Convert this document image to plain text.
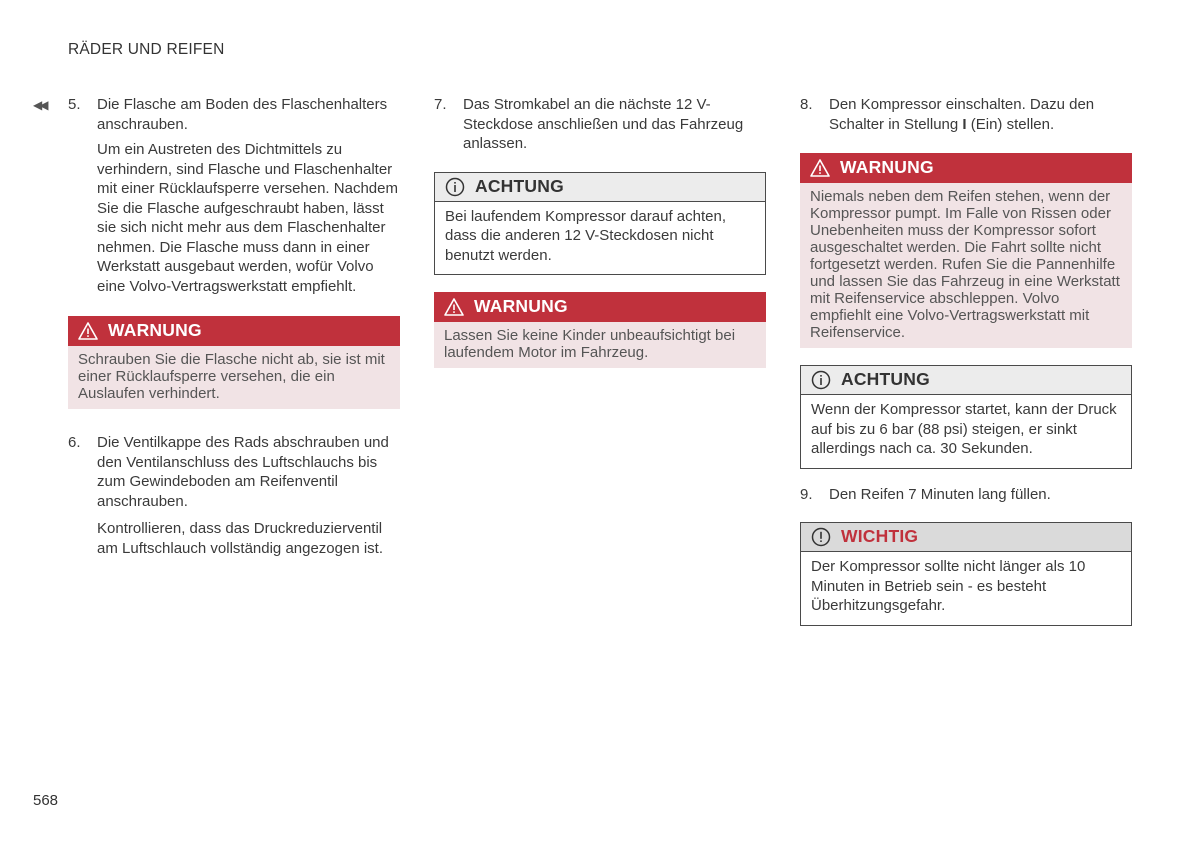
RÄDER UND REIFEN
◀◀ 5. Die Flasche am Boden des Flaschenhalters anschrauben.
Um ein Austreten des Dichtmittels zu verhindern, sind Flasche und Flaschenhalter mit einer Rücklaufsperre versehen. Nachdem Sie die Flasche aufgeschraubt haben, lässt sie sich nicht mehr aus dem Flaschenhalter nehmen. Die Flasche muss dann in einer Werkstatt ausgebaut werden, wofür Volvo eine Volvo-Vertragswerkstatt empfiehlt.
WARNUNG
Schrauben Sie die Flasche nicht ab, sie ist mit einer Rücklaufsperre versehen, die ein Auslaufen verhindert.
6. Die Ventilkappe des Rads abschrauben und den Ventilanschluss des Luftschlauchs bis zum Gewindeboden am Reifenventil anschrauben.
Kontrollieren, dass das Druckreduzierventil am Luftschlauch vollständig angezogen ist.
7. Das Stromkabel an die nächste 12 V-Steckdose anschließen und das Fahrzeug anlassen.
ACHTUNG
Bei laufendem Kompressor darauf achten, dass die anderen 12 V-Steckdosen nicht benutzt werden.
WARNUNG
Lassen Sie keine Kinder unbeaufsichtigt bei laufendem Motor im Fahrzeug.
8. Den Kompressor einschalten. Dazu den Schalter in Stellung I (Ein) stellen.
WARNUNG
Niemals neben dem Reifen stehen, wenn der Kompressor pumpt. Im Falle von Rissen oder Unebenheiten muss der Kompressor sofort ausgeschaltet werden. Die Fahrt sollte nicht fortgesetzt werden. Rufen Sie die Pannenhilfe und lassen Sie das Fahrzeug in eine Werkstatt mit Reifenservice abschleppen. Volvo empfiehlt eine Volvo-Vertragswerkstatt mit Reifenservice.
ACHTUNG
Wenn der Kompressor startet, kann der Druck auf bis zu 6 bar (88 psi) steigen, er sinkt allerdings nach ca. 30 Sekunden.
9. Den Reifen 7 Minuten lang füllen.
WICHTIG
Der Kompressor sollte nicht länger als 10 Minuten in Betrieb sein - es besteht Überhitzungsgefahr.
568
